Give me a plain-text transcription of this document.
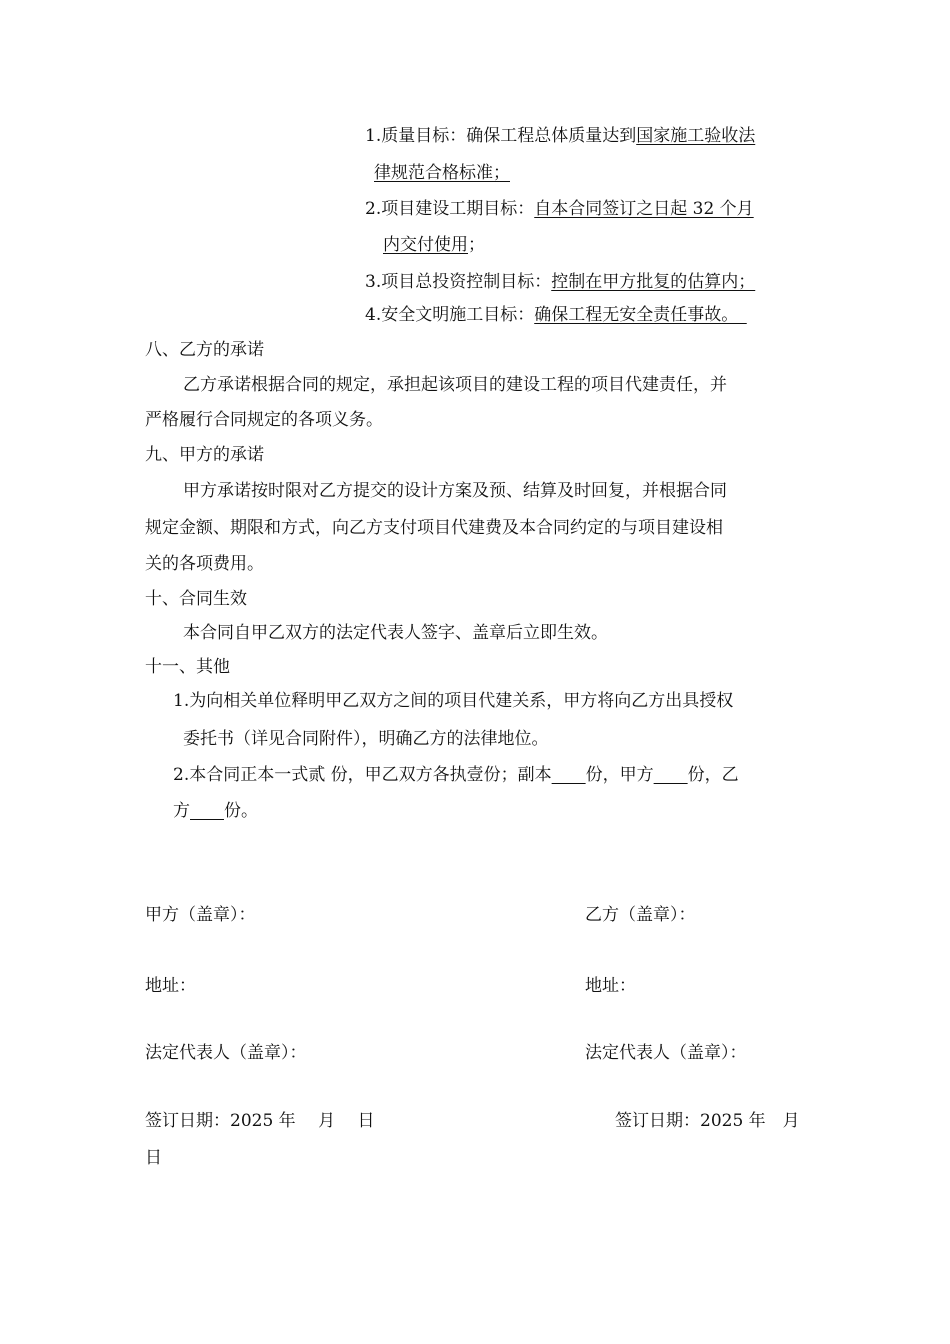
1.质量目标：确保工程总体质量达到国家施工验收法
律规范合格标准；
2.项目建设工期目标：自本合同签订之日起 32 个月
内交付使用；
3.项目总投资控制目标：控制在甲方批复的估算内；
4.安全文明施工目标：确保工程无安全责任事故。　
八、乙方的承诺
乙方承诺根据合同的规定，承担起该项目的建设工程的项目代建责任，并
严格履行合同规定的各项义务。
九、甲方的承诺
甲方承诺按时限对乙方提交的设计方案及预、结算及时回复，并根据合同
规定金额、期限和方式，向乙方支付项目代建费及本合同约定的与项目建设相
关的各项费用。
十、合同生效
本合同自甲乙双方的法定代表人签字、盖章后立即生效。
十一、其他
1.为向相关单位释明甲乙双方之间的项目代建关系，甲方将向乙方出具授权
委托书（详见合同附件），明确乙方的法律地位。
2.本合同正本一式贰 份，甲乙双方各执壹份；副本　　 份，甲方　　 份，乙
方　　 份。
甲方（盖章）：	乙方（盖章）：
地址：	地址：
法定代表人（盖章）：	法定代表人（盖章）：
签订日期：2025 年　 月　 日	签订日期：2025 年　月
日
